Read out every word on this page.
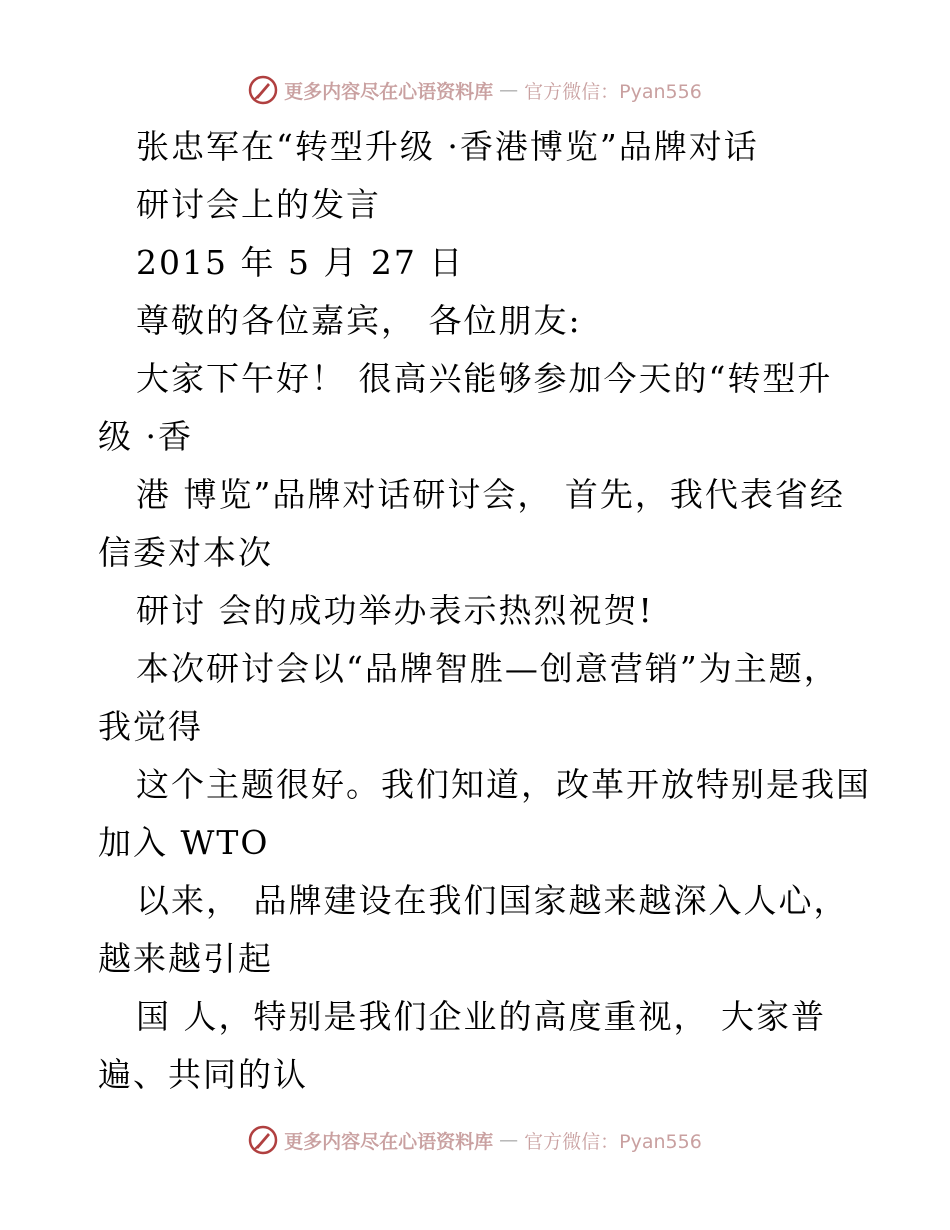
更多内容尽在心语资料库 — 官方微信：Pyan556
张忠军在“转型升级 ·香港博览”品牌对话
研讨会上的发言
2015 年 5 月 27 日
尊敬的各位嘉宾， 各位朋友:
大家下午好！ 很高兴能够参加今天的“转型升
级 ·香
港 博览”品牌对话研讨会， 首先，我代表省经
信委对本次
研讨 会的成功举办表示热烈祝贺!
本次研讨会以“品牌智胜—创意营销”为主题，
我觉得
这个主题很好。我们知道，改革开放特别是我国
加入 WTO
以来， 品牌建设在我们国家越来越深入人心，
越来越引起
国 人，特别是我们企业的高度重视， 大家普
遍、共同的认
更多内容尽在心语资料库 — 官方微信：Pyan556
